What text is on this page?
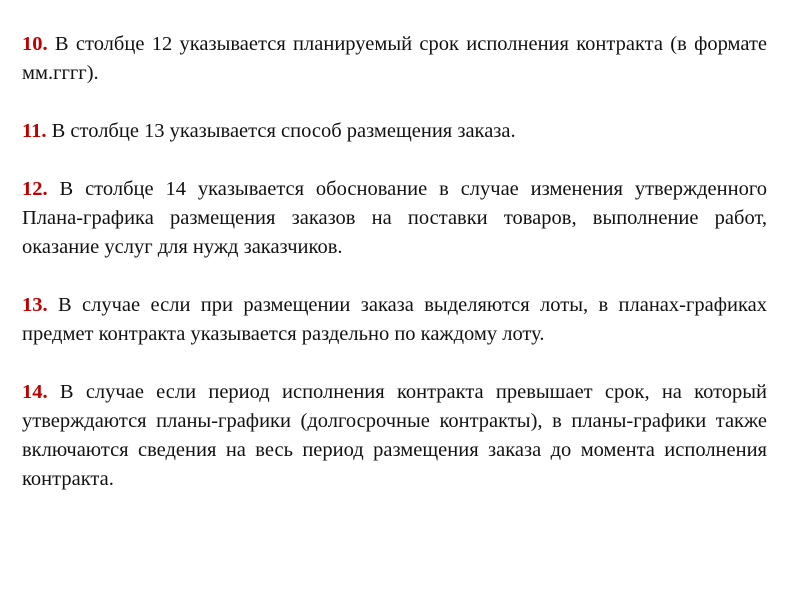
10. В столбце 12 указывается планируемый срок исполнения контракта (в формате мм.гггг).

11. В столбце 13 указывается способ размещения заказа.

12. В столбце 14 указывается обоснование в случае изменения утвержденного Плана-графика размещения заказов на поставки товаров, выполнение работ, оказание услуг для нужд заказчиков.

13. В случае если при размещении заказа выделяются лоты, в планах-графиках предмет контракта указывается раздельно по каждому лоту.

14. В случае если период исполнения контракта превышает срок, на который утверждаются планы-графики (долгосрочные контракты), в планы-графики также включаются сведения на весь период размещения заказа до момента исполнения контракта.
